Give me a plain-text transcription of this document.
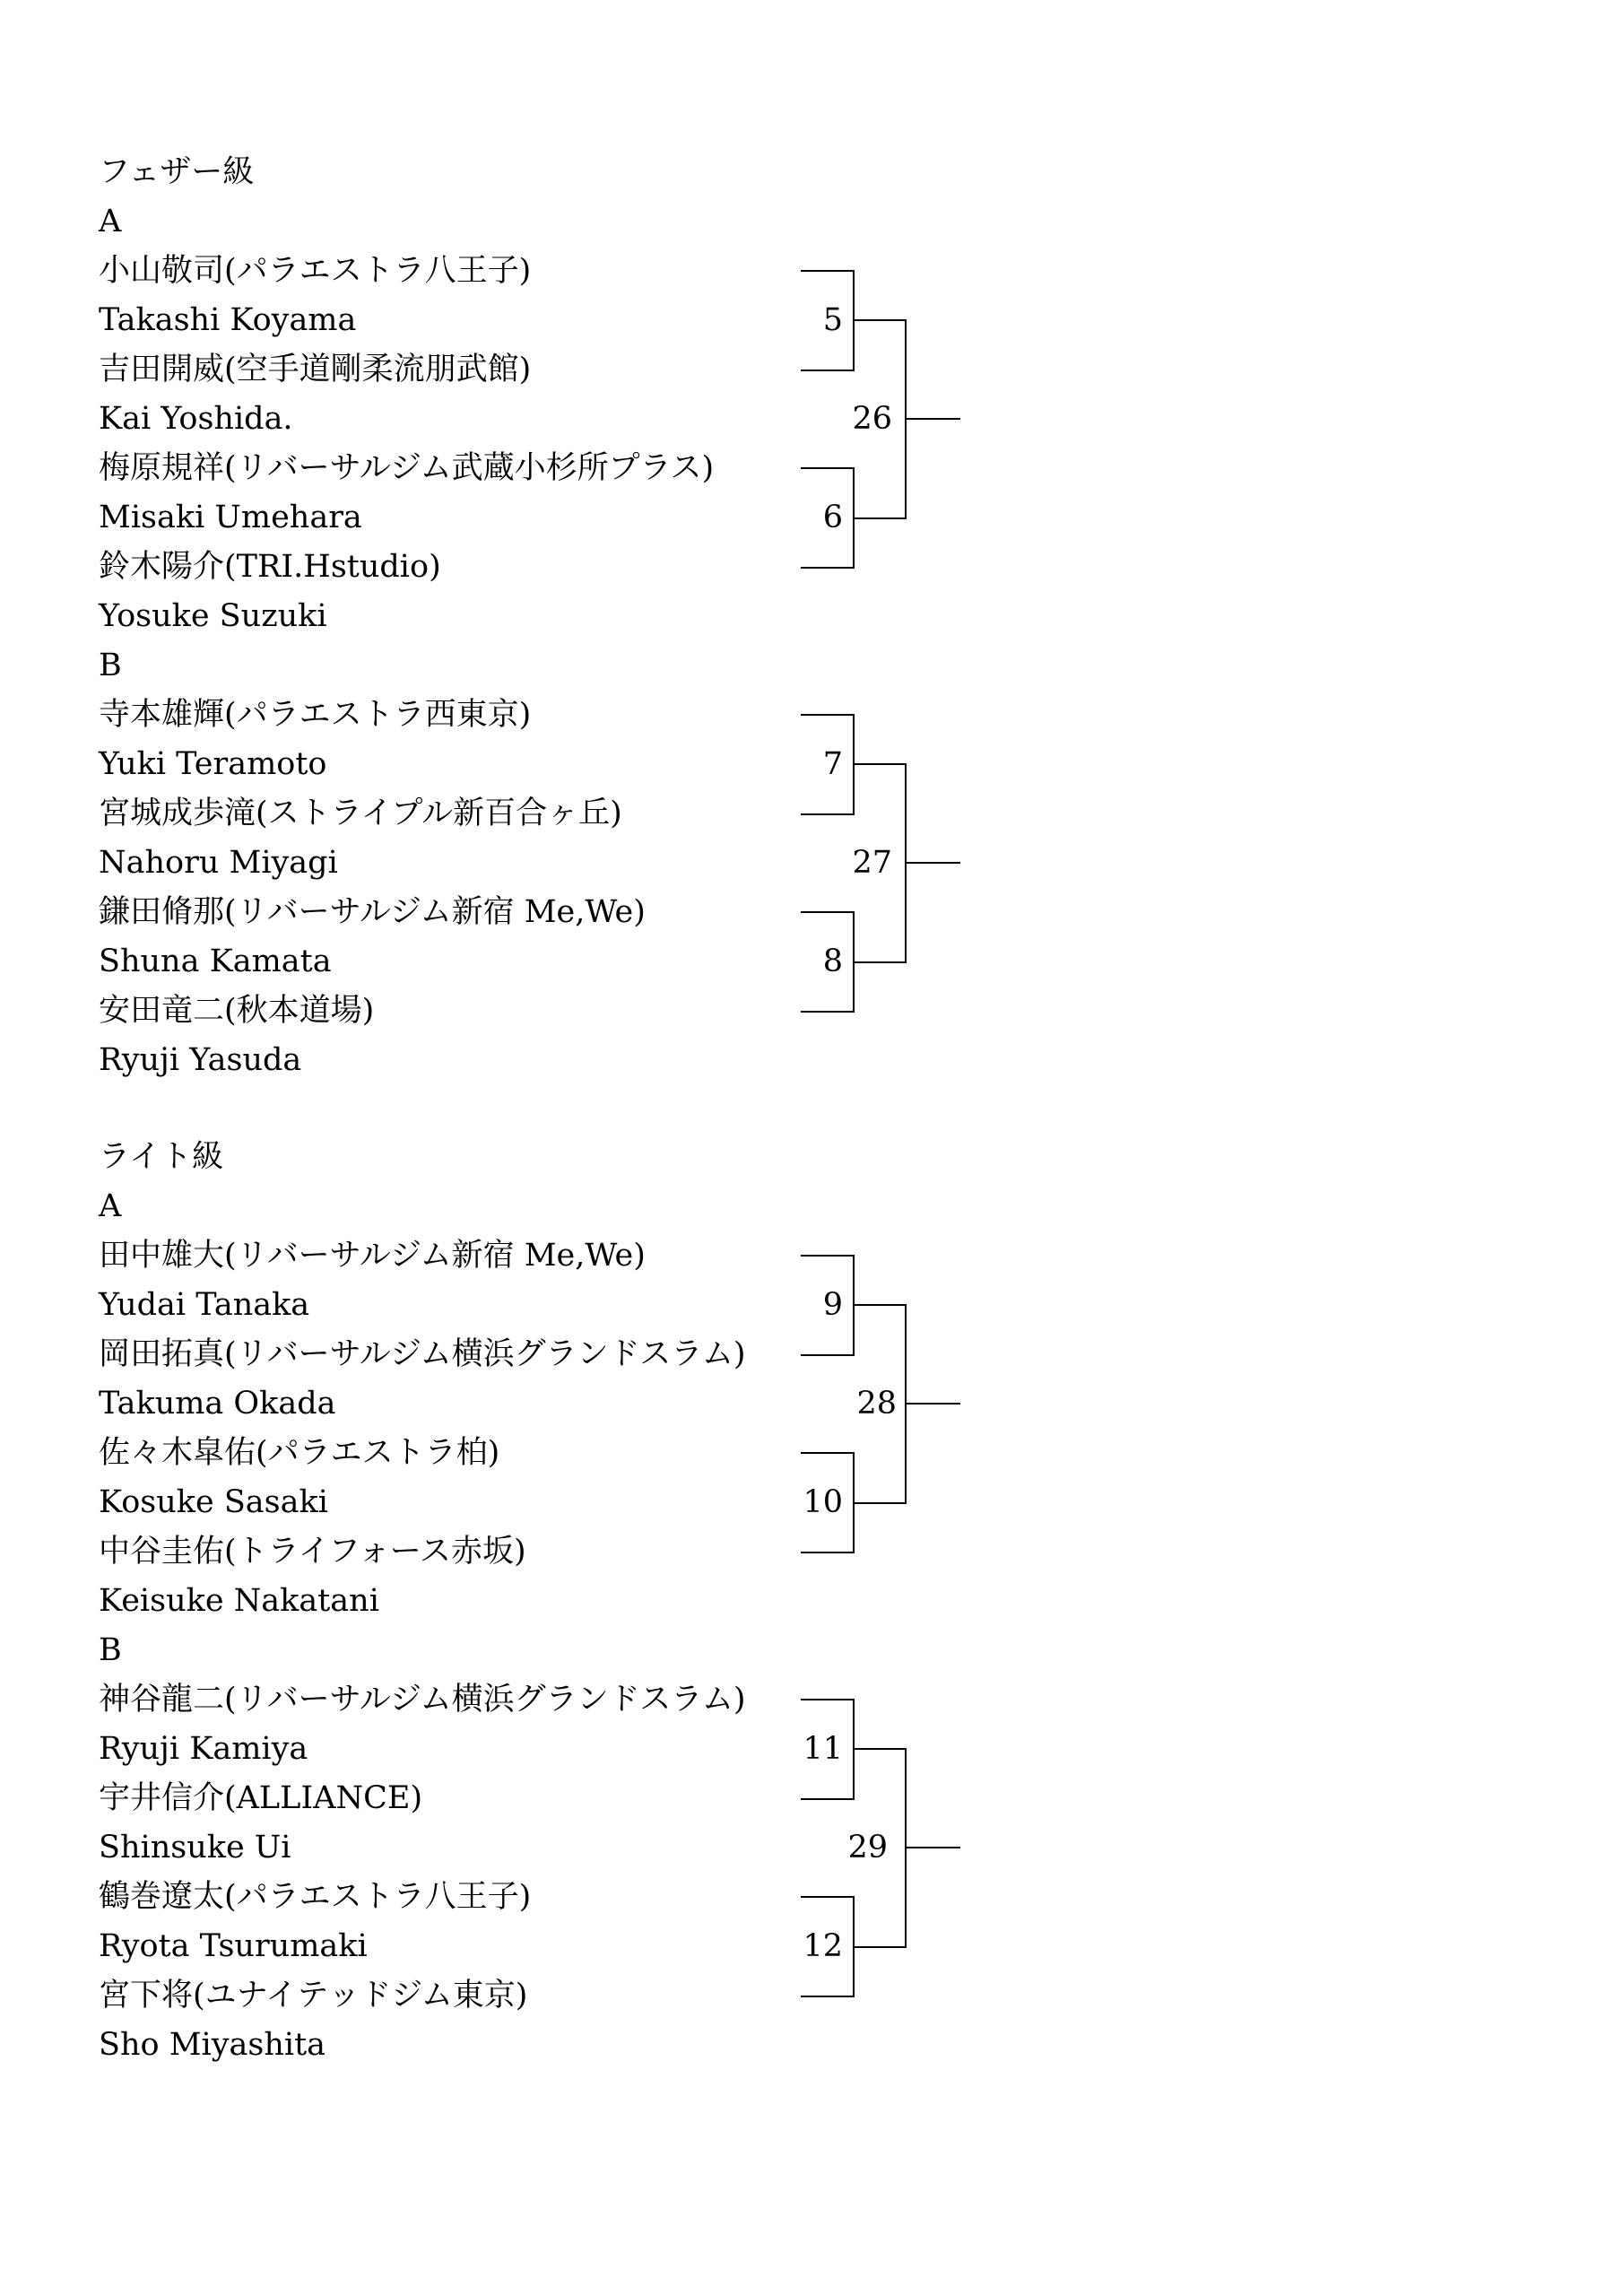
フェザー級
A
小山敬司(パラエストラ八王子)
Takashi Koyama
吉田開威(空手道剛柔流朋武館)
Kai Yoshida.
梅原規祥(リバーサルジム武蔵小杉所プラス)
Misaki Umehara
鈴木陽介(TRI.Hstudio)
Yosuke Suzuki
5
6
26
B
寺本雄輝(パラエストラ西東京)
Yuki Teramoto
宮城成歩滝(ストライプル新百合ヶ丘)
Nahoru Miyagi
鎌田脩那(リバーサルジム新宿 Me,We)
Shuna Kamata
安田竜二(秋本道場)
Ryuji Yasuda
7
8
27
ライト級
A
田中雄大(リバーサルジム新宿 Me,We)
Yudai Tanaka
岡田拓真(リバーサルジム横浜グランドスラム)
Takuma Okada
佐々木皐佑(パラエストラ柏)
Kosuke Sasaki
中谷圭佑(トライフォース赤坂)
Keisuke Nakatani
9
10
28
B
神谷龍二(リバーサルジム横浜グランドスラム)
Ryuji Kamiya
宇井信介(ALLIANCE)
Shinsuke Ui
鶴巻遼太(パラエストラ八王子)
Ryota Tsurumaki
宮下将(ユナイテッドジム東京)
Sho Miyashita
11
12
29
